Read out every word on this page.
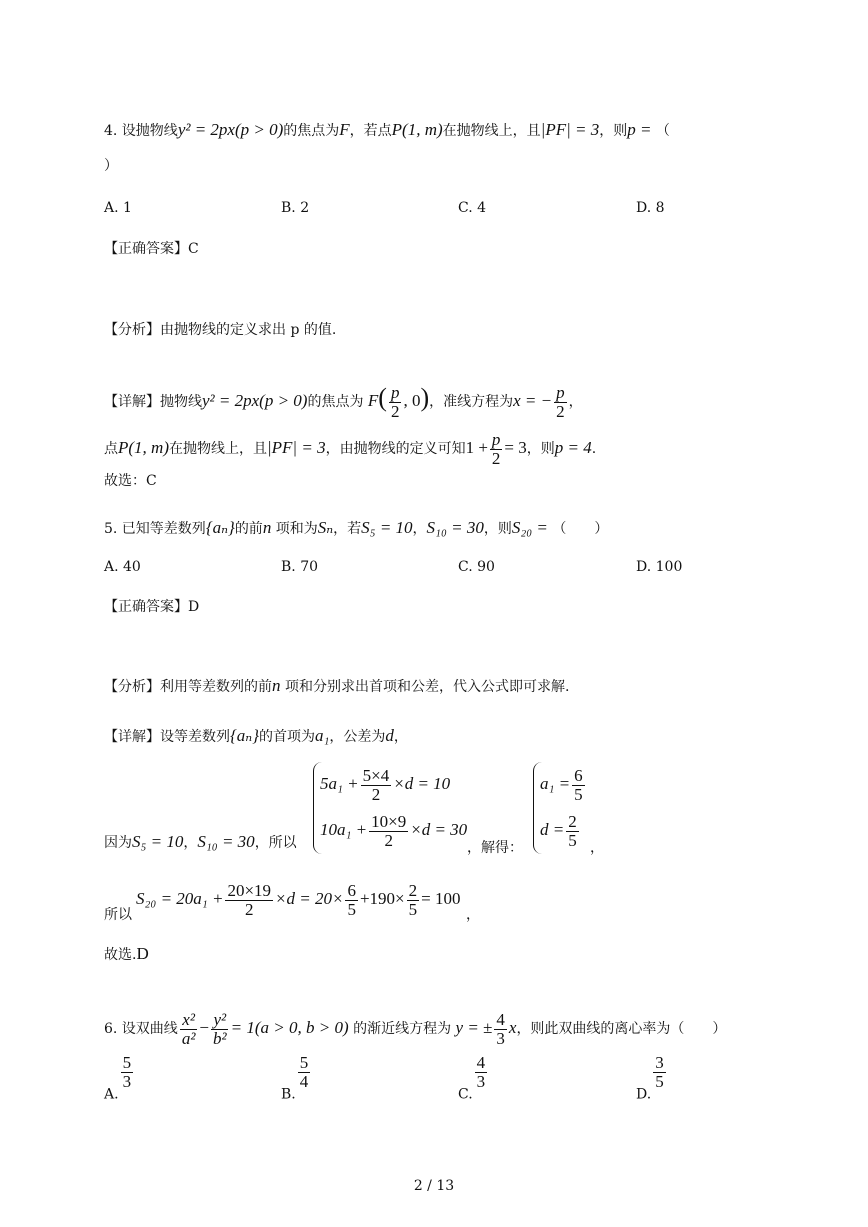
4. 设抛物线y² = 2px(p > 0)的焦点为F，若点P(1, m)在抛物线上，且|PF| = 3，则p = （
）
A. 1	B. 2	C. 4	D. 8
【正确答案】C
【分析】由抛物线的定义求出 p 的值.
【详解】抛物线y² = 2px(p > 0)的焦点为 $F( \frac{p}{2}$ , 0)，准线方程为x = − $\frac{p}{2}$ ，
点P(1, m)在抛物线上，且|PF| = 3，由抛物线的定义可知$1 + \frac{p}{2} = 3$，则p = 4.
故选：C
5. 已知等差数列{aₙ}的前n 项和为Sₙ，若S₅ = 10，S₁₀ = 30，则S₂₀ = （　　）
A. 40	B. 70	C. 90	D. 100
【正确答案】D
【分析】利用等差数列的前n 项和分别求出首项和公差，代入公式即可求解.
【详解】设等差数列{aₙ}的首项为a₁，公差为d，
因为S₅ = 10，S₁₀ = 30，所以
$5a_1 + \frac{5\times 4}{2} \times d = 10$
$10a_1 + \frac{10\times 9}{2} \times d = 30$
，解得：
$a_1 = \frac{6}{5}$
$d = \frac{2}{5}$ ，
所以
$S_{20} = 20a_1 + \frac{20\times 19}{2} \times d = 20\times \frac{6}{5} +190\times \frac{2}{5} = 100$
，
故选.D
6. 设双曲线 $\frac{\text{x²}}{\text{a²}} - \frac{\text{y²}}{\text{b²}} = 1(a > 0$, b > 0) 的渐近线方程为 y = ± $\frac{4}{3}$ x，则此双曲线的离心率为（　　）
A.
$\frac{5}{3}$
B.
$\frac{5}{4}$
C.
$\frac{4}{3}$
D.
$\frac{3}{5}$
2 / 13
